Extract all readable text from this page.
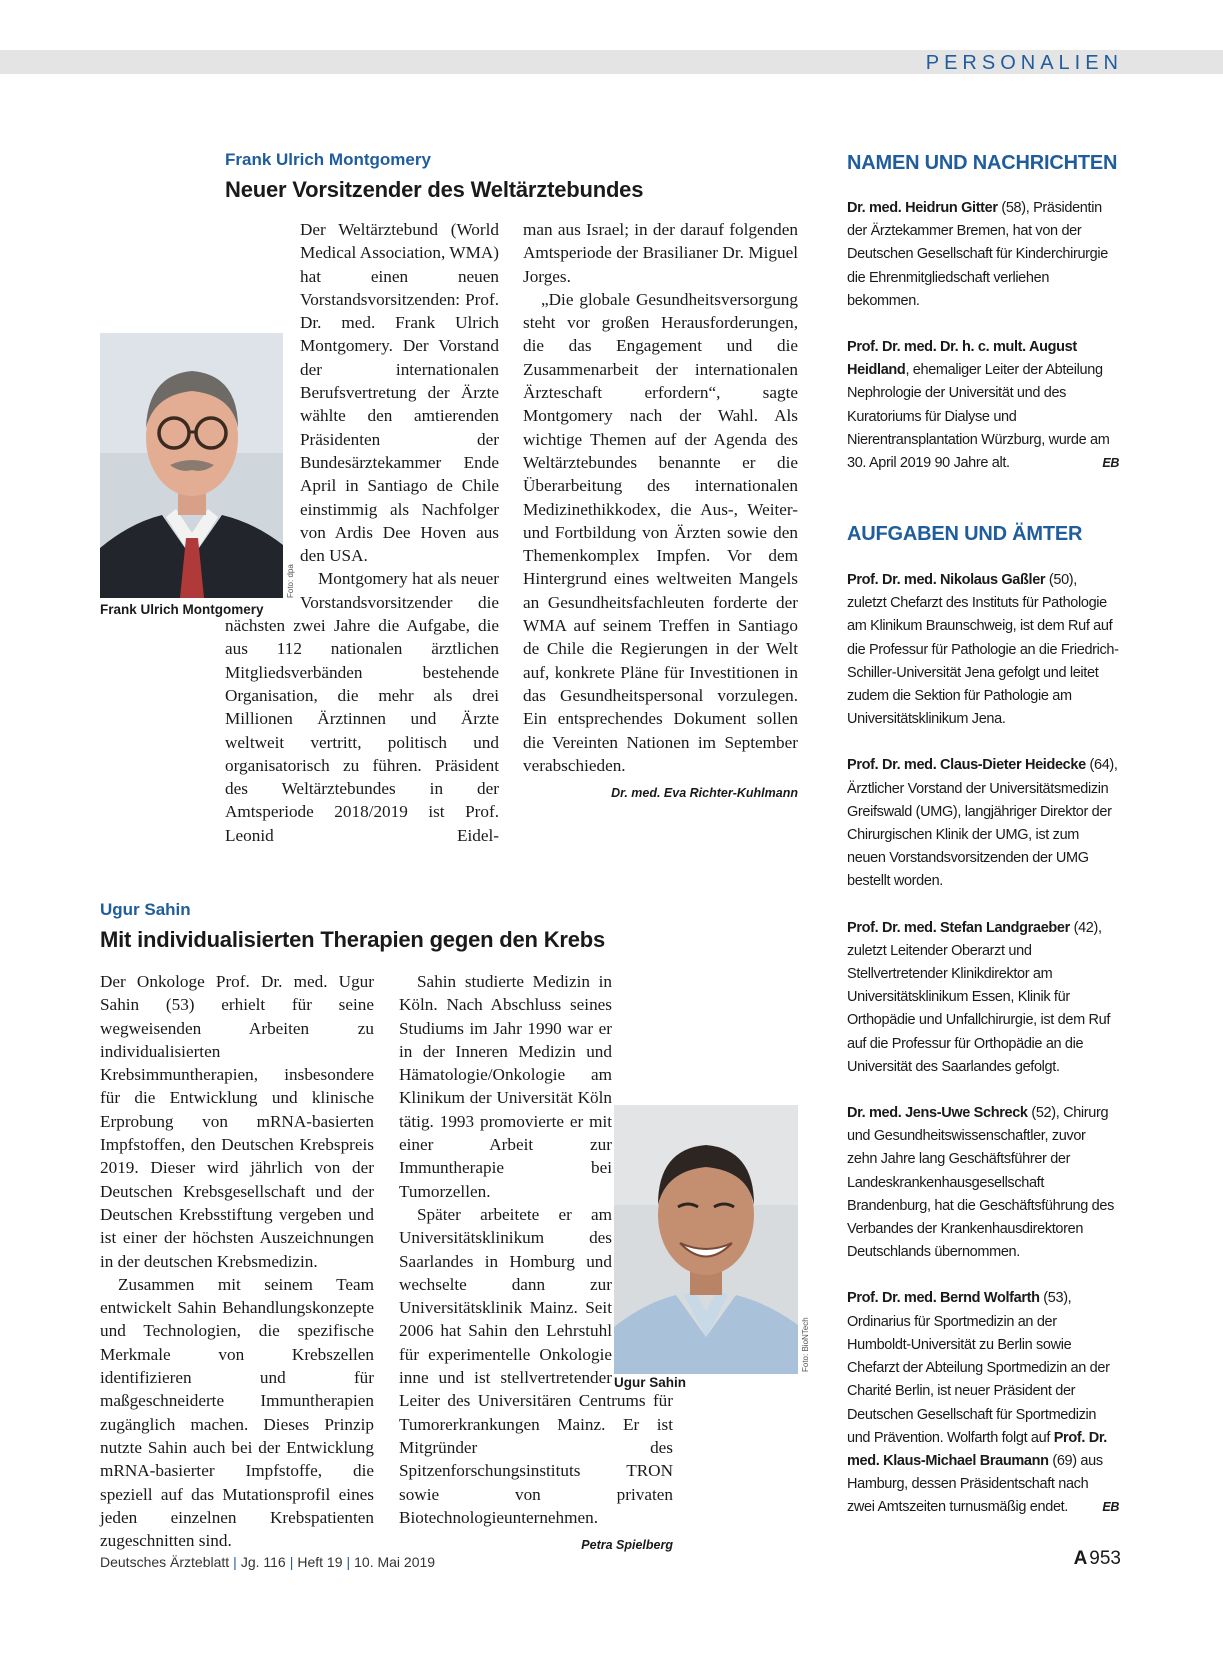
PERSONALIEN
Frank Ulrich Montgomery
Neuer Vorsitzender des Weltärztebundes
Foto: dpa
Frank Ulrich Montgomery

Der Weltärztebund (World Medical Association, WMA) hat einen neuen Vorstandsvorsitzenden: Prof. Dr. med. Frank Ulrich Montgomery. Der Vorstand der internationalen Berufsvertretung der Ärzte wählte den amtierenden Präsidenten der Bundesärztekammer Ende April in Santiago de Chile einstimmig als Nachfolger von Ardis Dee Hoven aus den USA.

Montgomery hat als neuer Vorstandsvorsitzender die nächsten zwei Jahre die Aufgabe, die aus 112 nationalen ärztlichen Mitgliedsverbänden bestehende Organisation, die mehr als drei Millionen Ärztinnen und Ärzte weltweit vertritt, politisch und organisatorisch zu führen. Präsident des Weltärztebundes in der Amtsperiode 2018/2019 ist Prof. Leonid Eidel-

man aus Israel; in der darauf folgenden Amtsperiode der Brasilianer Dr. Miguel Jorges.

„Die globale Gesundheitsversorgung steht vor großen Herausforderungen, die das Engagement und die Zusammenarbeit der internationalen Ärzteschaft erfordern“, sagte Montgomery nach der Wahl. Als wichtige Themen auf der Agenda des Weltärztebundes benannte er die Überarbeitung des internationalen Medizinethikkodex, die Aus-, Weiter- und Fortbildung von Ärzten sowie den Themenkomplex Impfen. Vor dem Hintergrund eines weltweiten Mangels an Gesundheitsfachleuten forderte der WMA auf seinem Treffen in Santiago de Chile die Regierungen in der Welt auf, konkrete Pläne für Investitionen in das Gesundheitspersonal vorzulegen. Ein entsprechendes Dokument sollen die Vereinten Nationen im September verabschieden.
Dr. med. Eva Richter-Kuhlmann

Ugur Sahin
Mit individualisierten Therapien gegen den Krebs

Der Onkologe Prof. Dr. med. Ugur Sahin (53) erhielt für seine wegweisenden Arbeiten zu individualisierten Krebsimmuntherapien, insbesondere für die Entwicklung und klinische Erprobung von mRNA-basierten Impfstoffen, den Deutschen Krebspreis 2019. Dieser wird jährlich von der Deutschen Krebsgesellschaft und der Deutschen Krebsstiftung vergeben und ist einer der höchsten Auszeichnungen in der deutschen Krebsmedizin.

Zusammen mit seinem Team entwickelt Sahin Behandlungskonzepte und Technologien, die spezifische Merkmale von Krebszellen identifizieren und für maßgeschneiderte Immuntherapien zugänglich machen. Dieses Prinzip nutzte Sahin auch bei der Entwicklung mRNA-basierter Impfstoffe, die speziell auf das Mutationsprofil eines jeden einzelnen Krebspatienten zugeschnitten sind.

Sahin studierte Medizin in Köln. Nach Abschluss seines Studiums im Jahr 1990 war er in der Inneren Medizin und Hämatologie/Onkologie am Klinikum der Universität Köln tätig. 1993 promovierte er mit einer Arbeit zur Immuntherapie bei Tumorzellen.

Später arbeitete er am Universitätsklinikum des Saarlandes in Homburg und wechselte dann zur Universitätsklinik Mainz. Seit 2006 hat Sahin den Lehrstuhl für experimentelle Onkologie inne und ist stellvertretender Leiter des Universitären Centrums für Tumorerkrankungen Mainz. Er ist Mitgründer des Spitzenforschungsinstituts TRON sowie von privaten Biotechnologieunternehmen.
Petra Spielberg

Foto: BioNTech
Ugur Sahin
NAMEN UND NACHRICHTEN

Dr. med. Heidrun Gitter (58), Präsidentin der Ärztekammer Bremen, hat von der Deutschen Gesellschaft für Kinderchirurgie die Ehrenmitgliedschaft verliehen bekommen.

Prof. Dr. med. Dr. h. c. mult. August Heidland, ehemaliger Leiter der Abteilung Nephrologie der Universität und des Kuratoriums für Dialyse und Nierentransplantation Würzburg, wurde am 30. April 2019 90 Jahre alt.	EB

AUFGABEN UND ÄMTER

Prof. Dr. med. Nikolaus Gaßler (50), zuletzt Chefarzt des Instituts für Pathologie am Klinikum Braunschweig, ist dem Ruf auf die Professur für Pathologie an die Friedrich-Schiller-Universität Jena gefolgt und leitet zudem die Sektion für Pathologie am Universitätsklinikum Jena.

Prof. Dr. med. Claus-Dieter Heidecke (64), Ärztlicher Vorstand der Universitätsmedizin Greifswald (UMG), langjähriger Direktor der Chirurgischen Klinik der UMG, ist zum neuen Vorstandsvorsitzenden der UMG bestellt worden.

Prof. Dr. med. Stefan Landgraeber (42), zuletzt Leitender Oberarzt und Stellvertretender Klinikdirektor am Universitätsklinikum Essen, Klinik für Orthopädie und Unfallchirurgie, ist dem Ruf auf die Professur für Orthopädie an die Universität des Saarlandes gefolgt.

Dr. med. Jens-Uwe Schreck (52), Chirurg und Gesundheitswissenschaftler, zuvor zehn Jahre lang Geschäftsführer der Landeskrankenhausgesellschaft Brandenburg, hat die Geschäftsführung des Verbandes der Krankenhausdirektoren Deutschlands übernommen.

Prof. Dr. med. Bernd Wolfarth (53), Ordinarius für Sportmedizin an der Humboldt-Universität zu Berlin sowie Chefarzt der Abteilung Sportmedizin an der Charité Berlin, ist neuer Präsident der Deutschen Gesellschaft für Sportmedizin und Prävention. Wolfarth folgt auf Prof. Dr. med. Klaus-Michael Braumann (69) aus Hamburg, dessen Präsidentschaft nach zwei Amtszeiten turnusmäßig endet.	EB

Deutsches Ärzteblatt | Jg. 116 | Heft 19 | 10. Mai 2019	A 953
